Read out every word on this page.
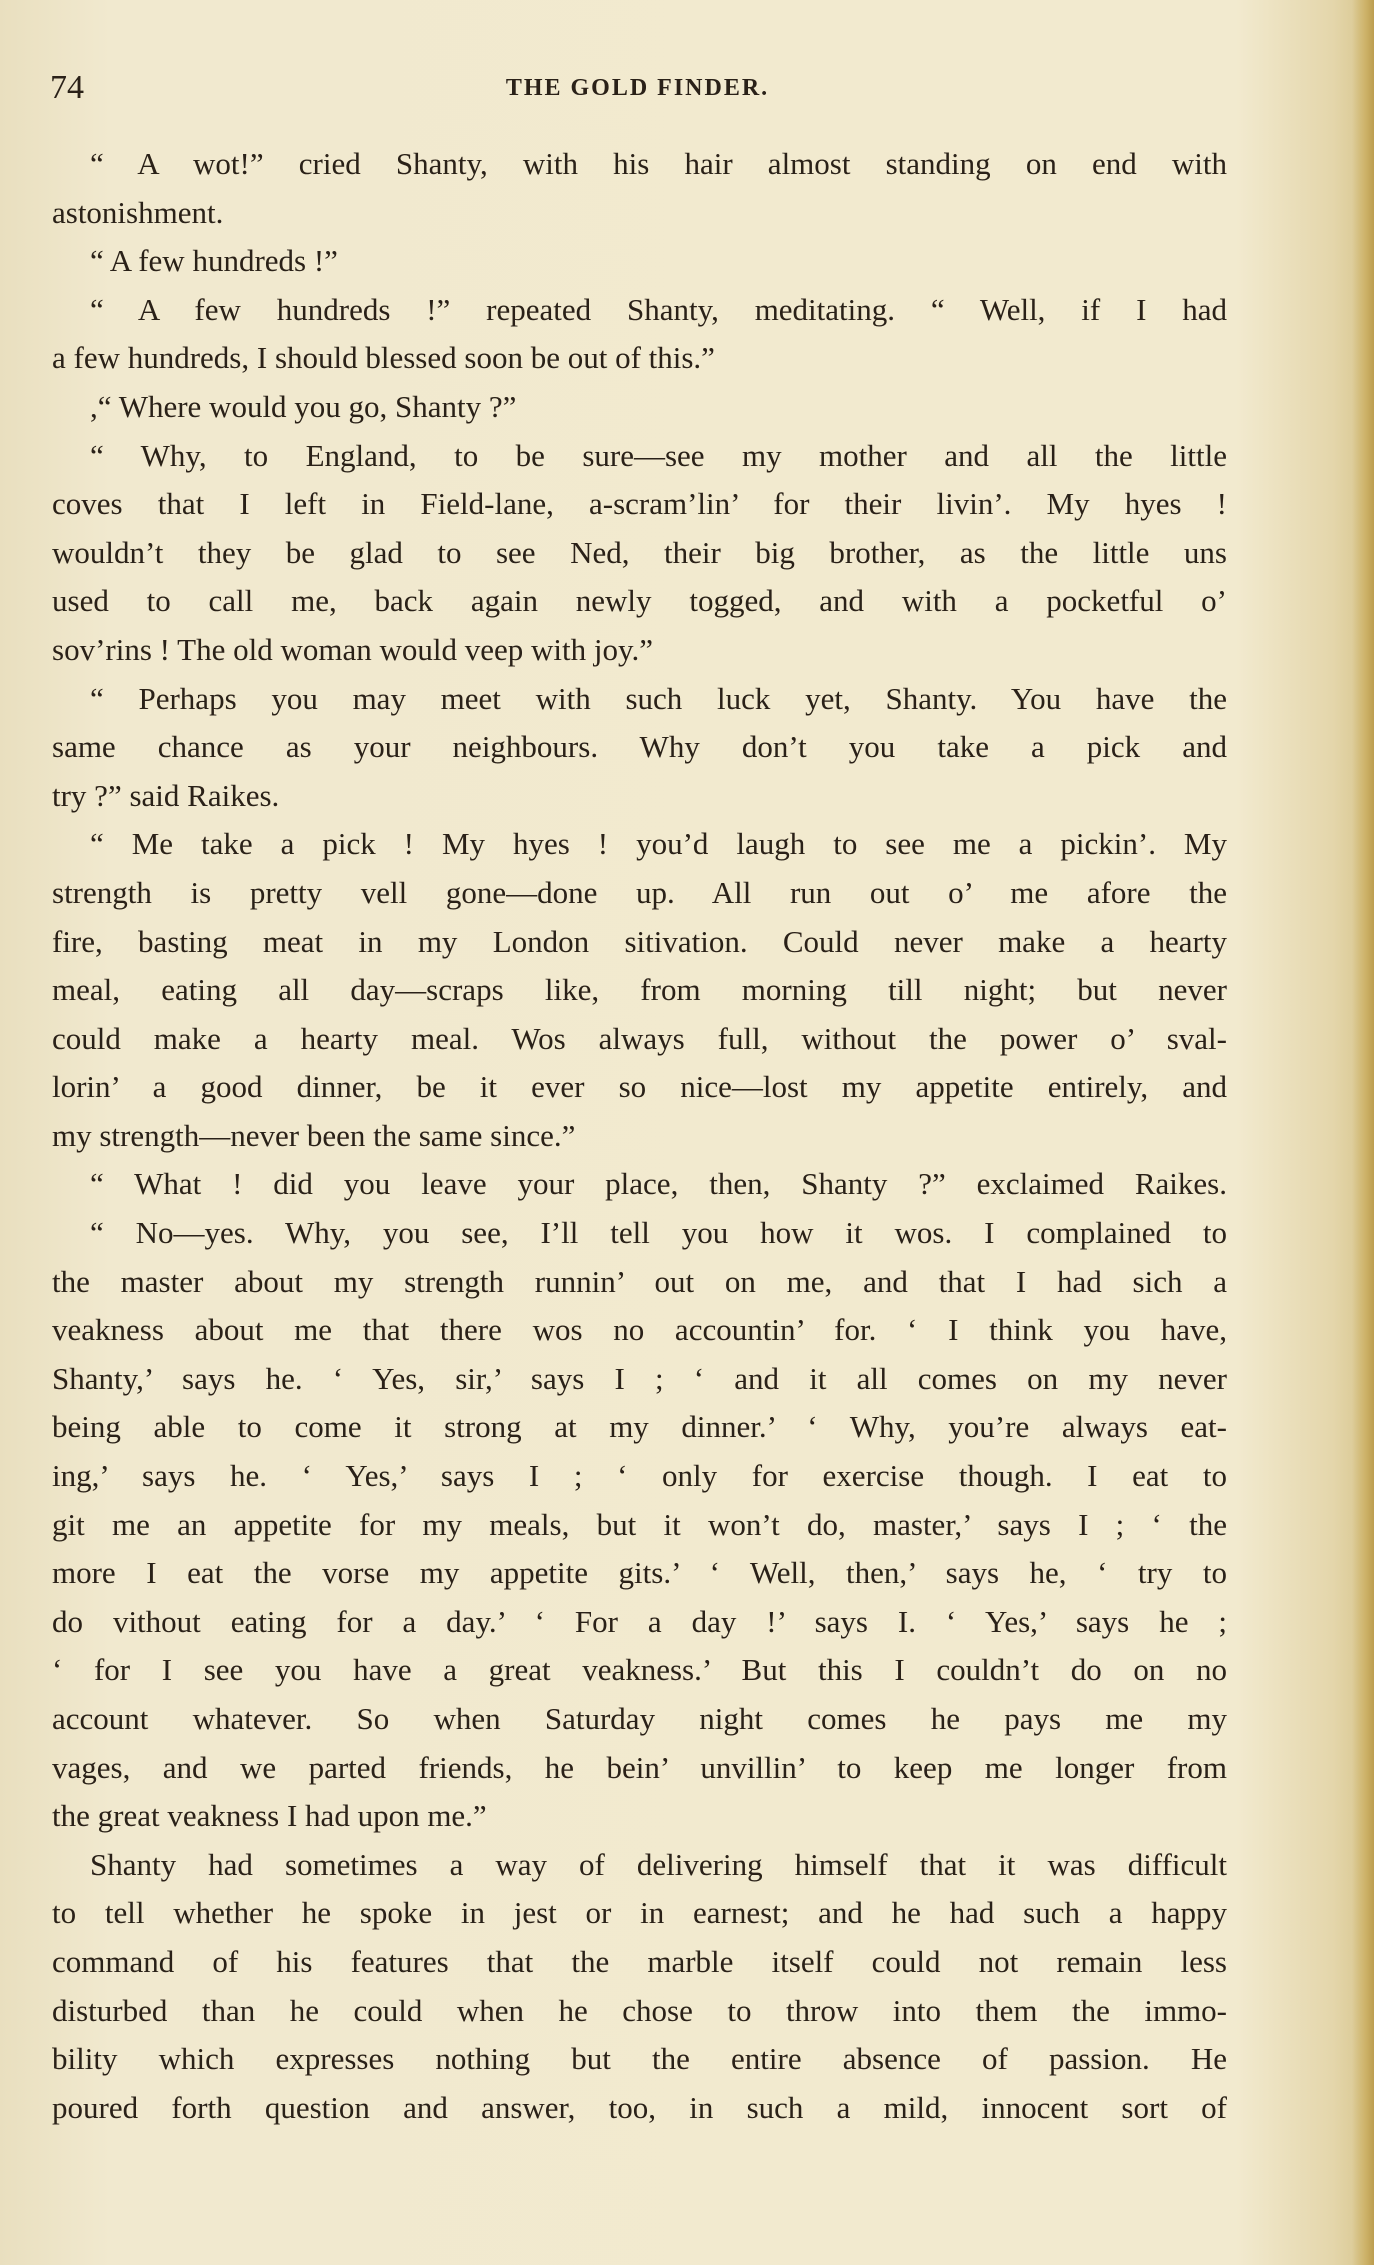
74	THE GOLD FINDER.
“ A wot!” cried Shanty, with his hair almost standing on end with
astonishment.
“ A few hundreds !”
“ A few hundreds !” repeated Shanty, meditating. “ Well, if I had
a few hundreds, I should blessed soon be out of this.”
,“ Where would you go, Shanty ?”
“ Why, to England, to be sure—see my mother and all the little
coves that I left in Field-lane, a-scram’lin’ for their livin’. My hyes !
wouldn’t they be glad to see Ned, their big brother, as the little uns
used to call me, back again newly togged, and with a pocketful o’
sov’rins ! The old woman would veep with joy.”
“ Perhaps you may meet with such luck yet, Shanty. You have the
same chance as your neighbours. Why don’t you take a pick and
try ?” said Raikes.
“ Me take a pick ! My hyes ! you’d laugh to see me a pickin’. My
strength is pretty vell gone—done up. All run out o’ me afore the
fire, basting meat in my London sitivation. Could never make a hearty
meal, eating all day—scraps like, from morning till night; but never
could make a hearty meal. Wos always full, without the power o’ sval-
lorin’ a good dinner, be it ever so nice—lost my appetite entirely, and
my strength—never been the same since.”
“ What ! did you leave your place, then, Shanty ?” exclaimed Raikes.
“ No—yes. Why, you see, I’ll tell you how it wos. I complained to
the master about my strength runnin’ out on me, and that I had sich a
veakness about me that there wos no accountin’ for. ‘ I think you have,
Shanty,’ says he. ‘ Yes, sir,’ says I ; ‘ and it all comes on my never
being able to come it strong at my dinner.’ ‘ Why, you’re always eat-
ing,’ says he. ‘ Yes,’ says I ; ‘ only for exercise though. I eat to
git me an appetite for my meals, but it won’t do, master,’ says I ; ‘ the
more I eat the vorse my appetite gits.’ ‘ Well, then,’ says he, ‘ try to
do vithout eating for a day.’ ‘ For a day !’ says I. ‘ Yes,’ says he ;
‘ for I see you have a great veakness.’ But this I couldn’t do on no
account whatever. So when Saturday night comes he pays me my
vages, and we parted friends, he bein’ unvillin’ to keep me longer from
the great veakness I had upon me.”
Shanty had sometimes a way of delivering himself that it was difficult
to tell whether he spoke in jest or in earnest; and he had such a happy
command of his features that the marble itself could not remain less
disturbed than he could when he chose to throw into them the immo-
bility which expresses nothing but the entire absence of passion. He
poured forth question and answer, too, in such a mild, innocent sort of
